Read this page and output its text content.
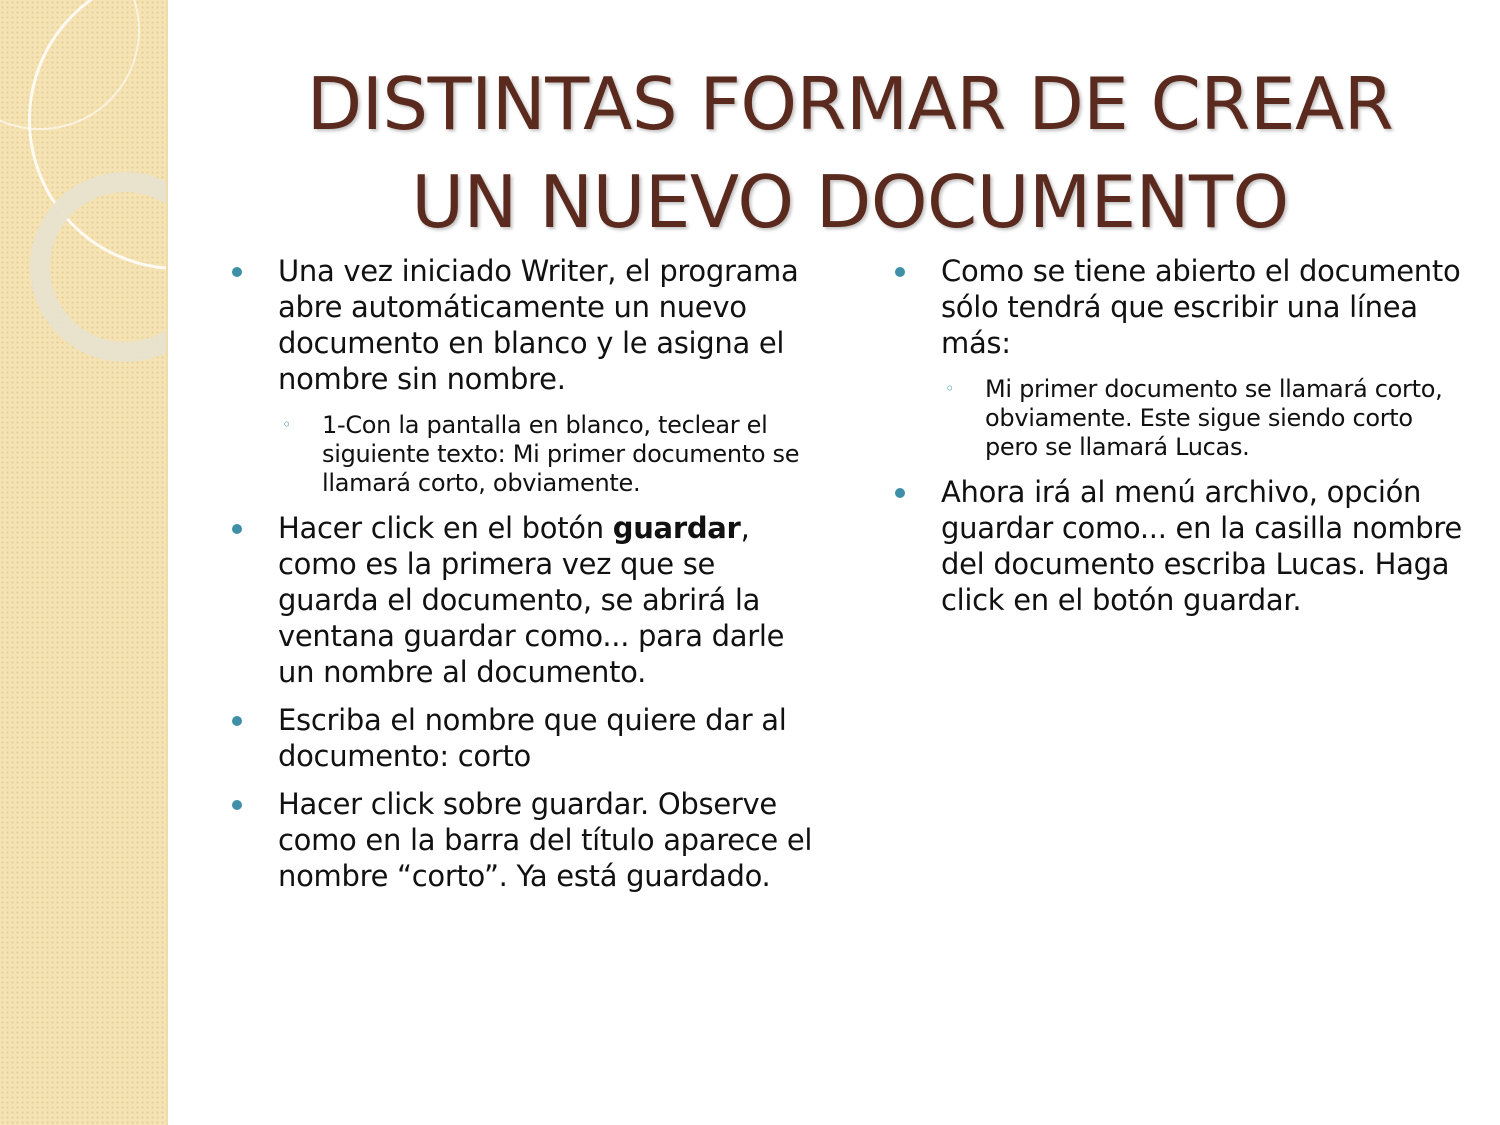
DISTINTAS FORMAR DE CREAR
UN NUEVO DOCUMENTO
Una vez iniciado Writer, el programa abre automáticamente un nuevo documento en blanco y le asigna el nombre sin nombre.
◦ 1-Con la pantalla en blanco, teclear el siguiente texto: Mi primer documento se llamará corto, obviamente.
Hacer click en el botón guardar, como es la primera vez que se guarda el documento, se abrirá la ventana guardar como... para darle un nombre al documento.
Escriba el nombre que quiere dar al documento: corto
Hacer click sobre guardar. Observe como en la barra del título aparece el nombre “corto”. Ya está guardado.
Como se tiene abierto el documento sólo tendrá que escribir una línea más:
◦ Mi primer documento se llamará corto, obviamente. Este sigue siendo corto pero se llamará Lucas.
Ahora irá al menú archivo, opción guardar como... en la casilla nombre del documento escriba Lucas. Haga click en el botón guardar.
